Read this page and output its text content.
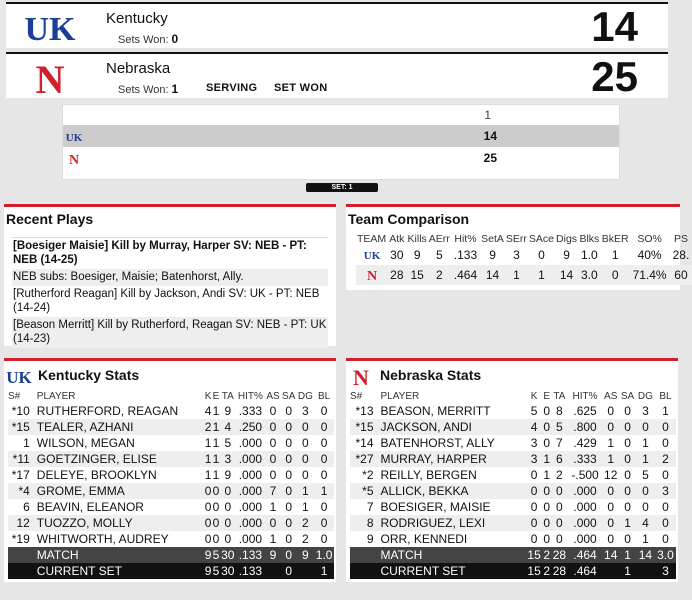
UK Kentucky
Sets Won: 0	14
N	Nebraska
Sets Won: 1	SERVING SET WON	25
1
UK	14
N	25
SET: 1
Recent Plays
[Boesiger Maisie] Kill by Murray, Harper SV: NEB - PT: NEB (14-25)
NEB subs: Boesiger, Maisie; Batenhorst, Ally.
[Rutherford Reagan] Kill by Jackson, Andi SV: UK - PT: NEB (14-24)
[Beason Merritt] Kill by Rutherford, Reagan SV: NEB - PT: UK (14-23)
Team Comparison
TEAM	Atk	Kills	AErr	Hit%	SetA	SErr	SAce	Digs	Blks	BkER	SO%	PS

UK	30	9	5	.133	9	3	0	9	1.0	1	40%	28.

N	28	15	2	.464	14	1	1	14	3.0	0	71.4%	60
UK Kentucky Stats
S#	PLAYER	K	E	TA	HIT%	AS	SA	DG	BL
*10	RUTHERFORD, REAGAN	4	1	9	.333	0	0	3	0
*15	TEALER, AZHANI	2	1	4	.250	0	0	0	0
1	WILSON, MEGAN	1	1	5	.000	0	0	0	0
*11	GOETZINGER, ELISE	1	1	3	.000	0	0	0	0
*17	DELEYE, BROOKLYN	1	1	9	.000	0	0	0	0
*4	GROME, EMMA	0	0	0	.000	7	0	1	1
6	BEAVIN, ELEANOR	0	0	0	.000	1	0	1	0
12	TUOZZO, MOLLY	0	0	0	.000	0	0	2	0
*19	WHITWORTH, AUDREY	0	0	0	.000	1	0	2	0
	MATCH	9	5	30	.133	9	0	9	1.0
	CURRENT SET	9	5	30	.133		0		1
N Nebraska Stats
S#	PLAYER	K	E	TA	HIT%	AS	SA	DG	BL
*13	BEASON, MERRITT	5	0	8	.625	0	0	3	1
*15	JACKSON, ANDI	4	0	5	.800	0	0	0	0
*14	BATENHORST, ALLY	3	0	7	.429	1	0	1	0
*27	MURRAY, HARPER	3	1	6	.333	1	0	1	2
*2	REILLY, BERGEN	0	1	2	-.500	12	0	5	0
*5	ALLICK, BEKKA	0	0	0	.000	0	0	0	3
7	BOESIGER, MAISIE	0	0	0	.000	0	0	0	0
8	RODRIGUEZ, LEXI	0	0	0	.000	0	1	4	0
9	ORR, KENNEDI	0	0	0	.000	0	0	1	0
	MATCH	15	2	28	.464	14	1	14	3.0
	CURRENT SET	15	2	28	.464		1		3
